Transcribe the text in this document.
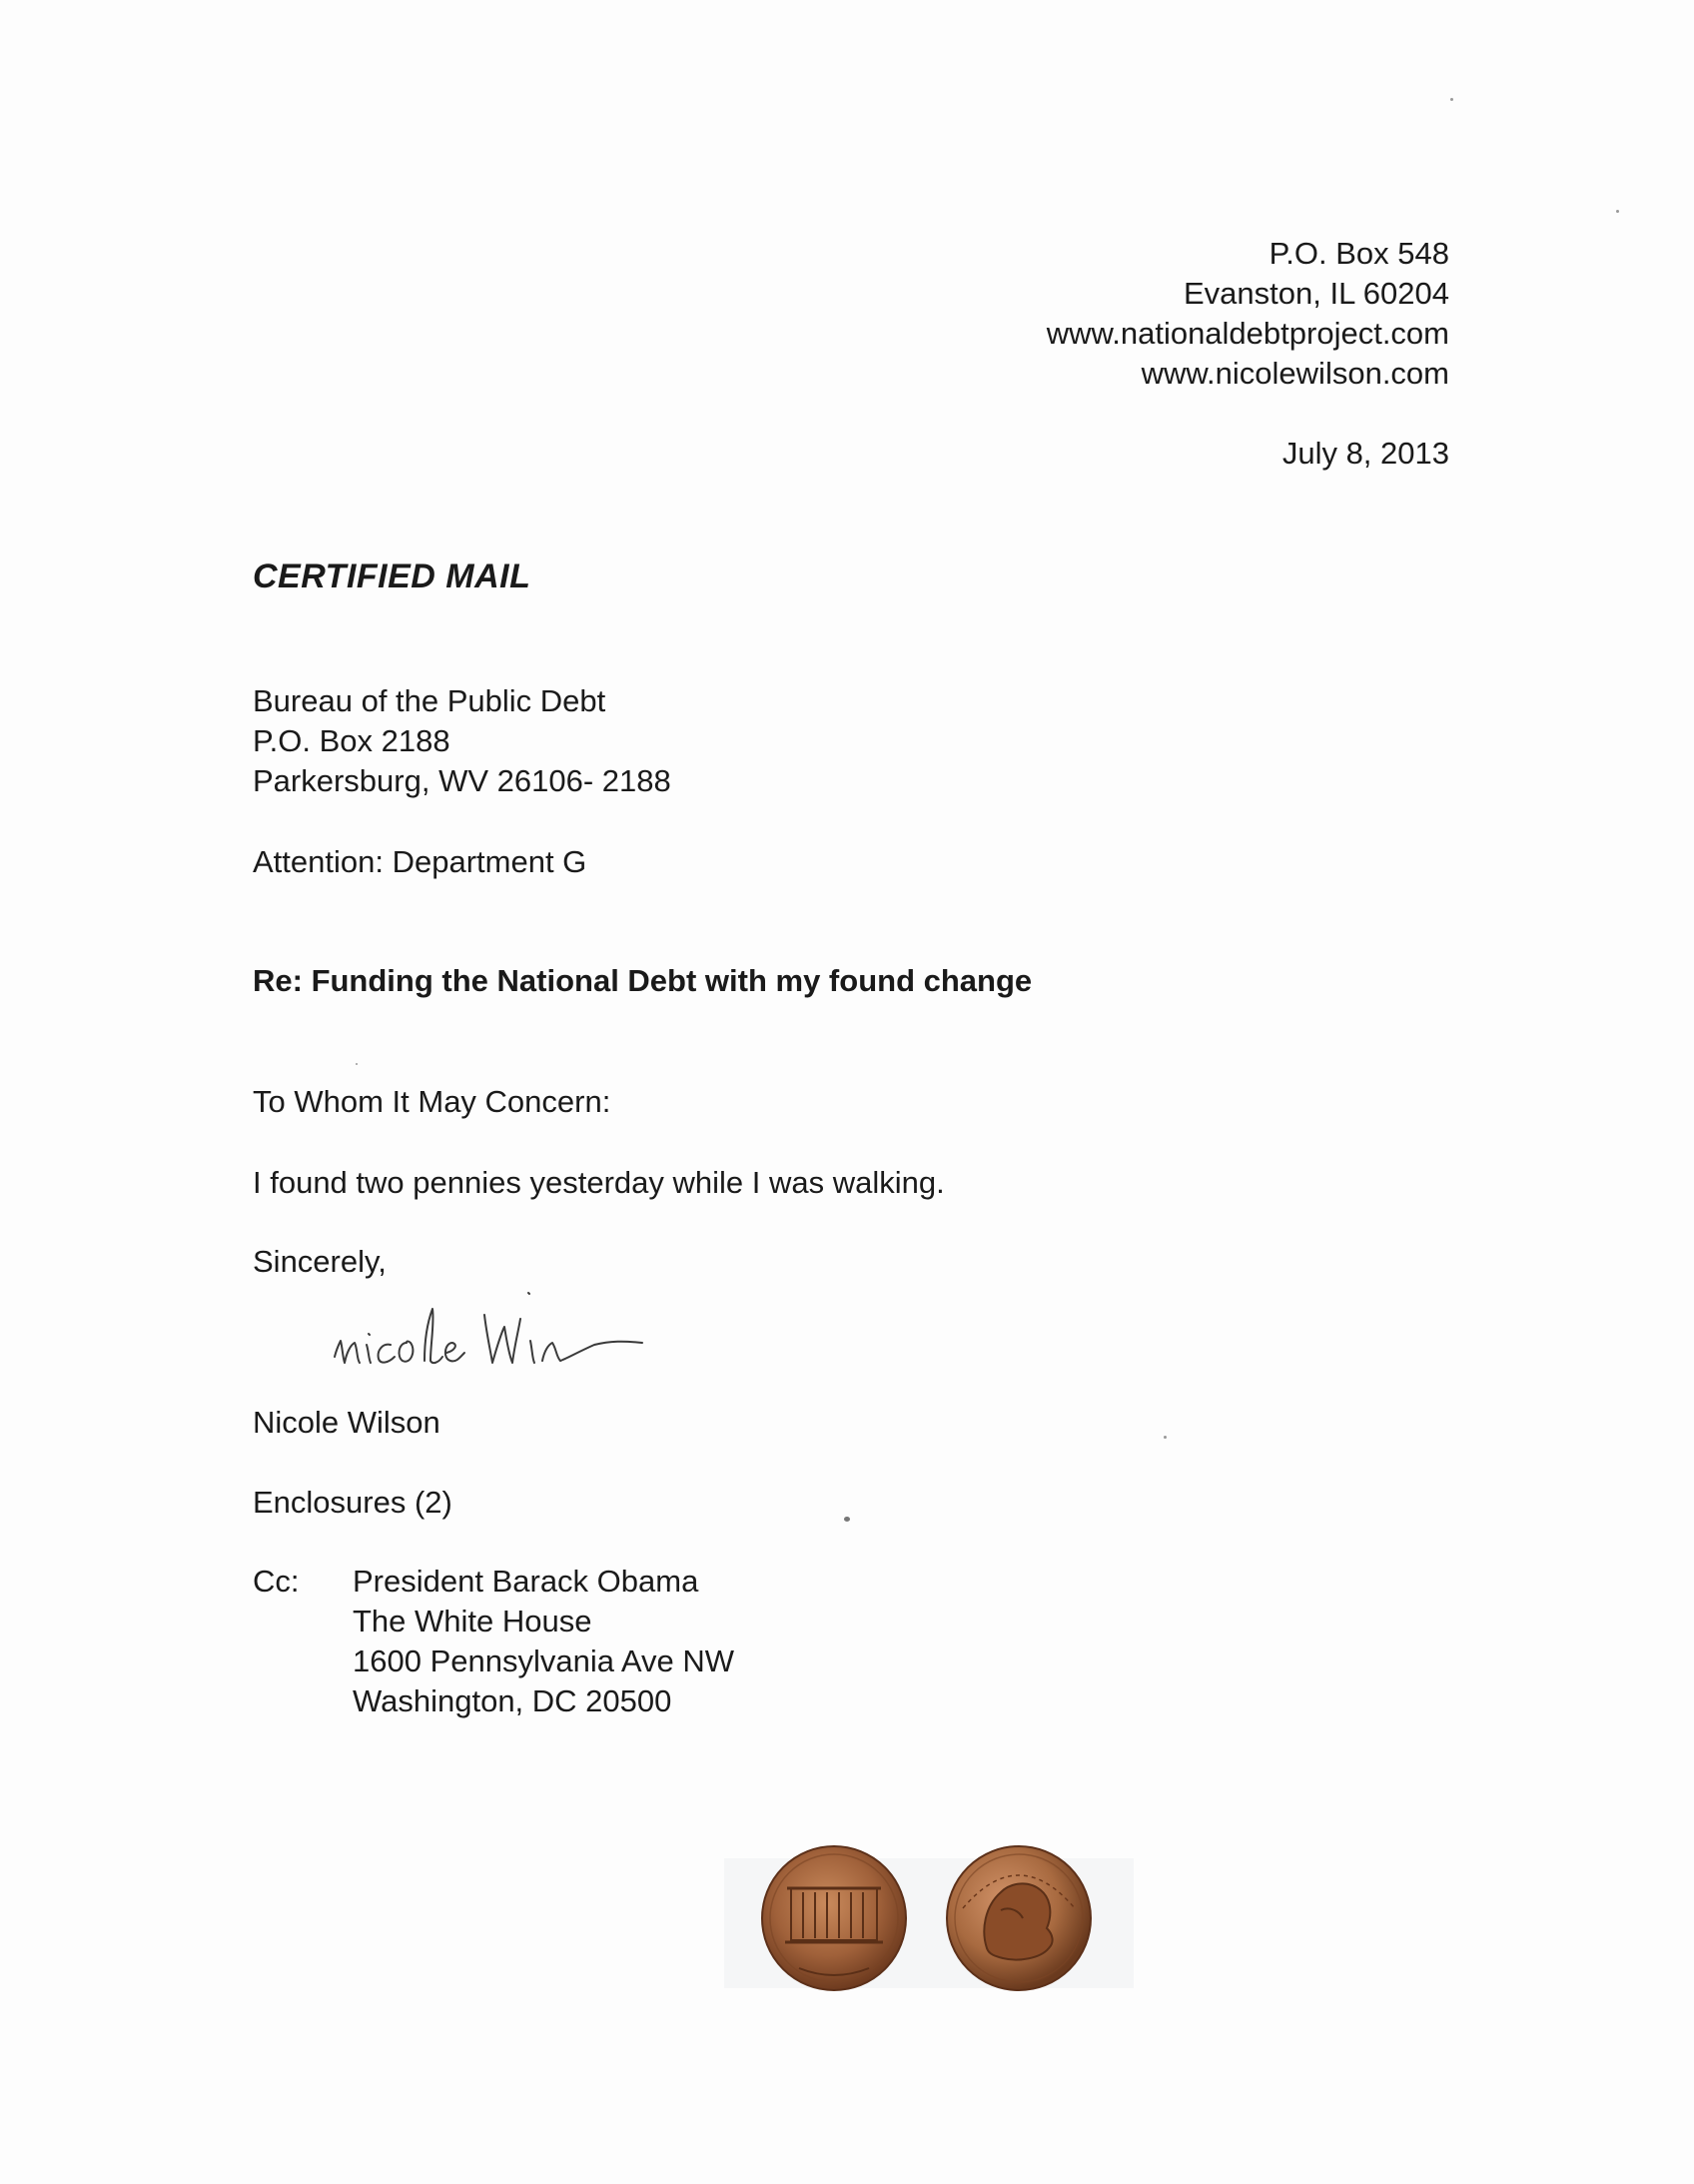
P.O. Box 548
Evanston, IL 60204
www.nationaldebtproject.com
www.nicolewilson.com
July 8, 2013
CERTIFIED MAIL
Bureau of the Public Debt
P.O. Box 2188
Parkersburg, WV 26106- 2188
Attention: Department G
Re: Funding the National Debt with my found change
To Whom It May Concern:
I found two pennies yesterday while I was walking.
Sincerely,
Nicole Wilson
Enclosures (2)
Cc: President Barack Obama
The White House
1600 Pennsylvania Ave NW
Washington, DC 20500
